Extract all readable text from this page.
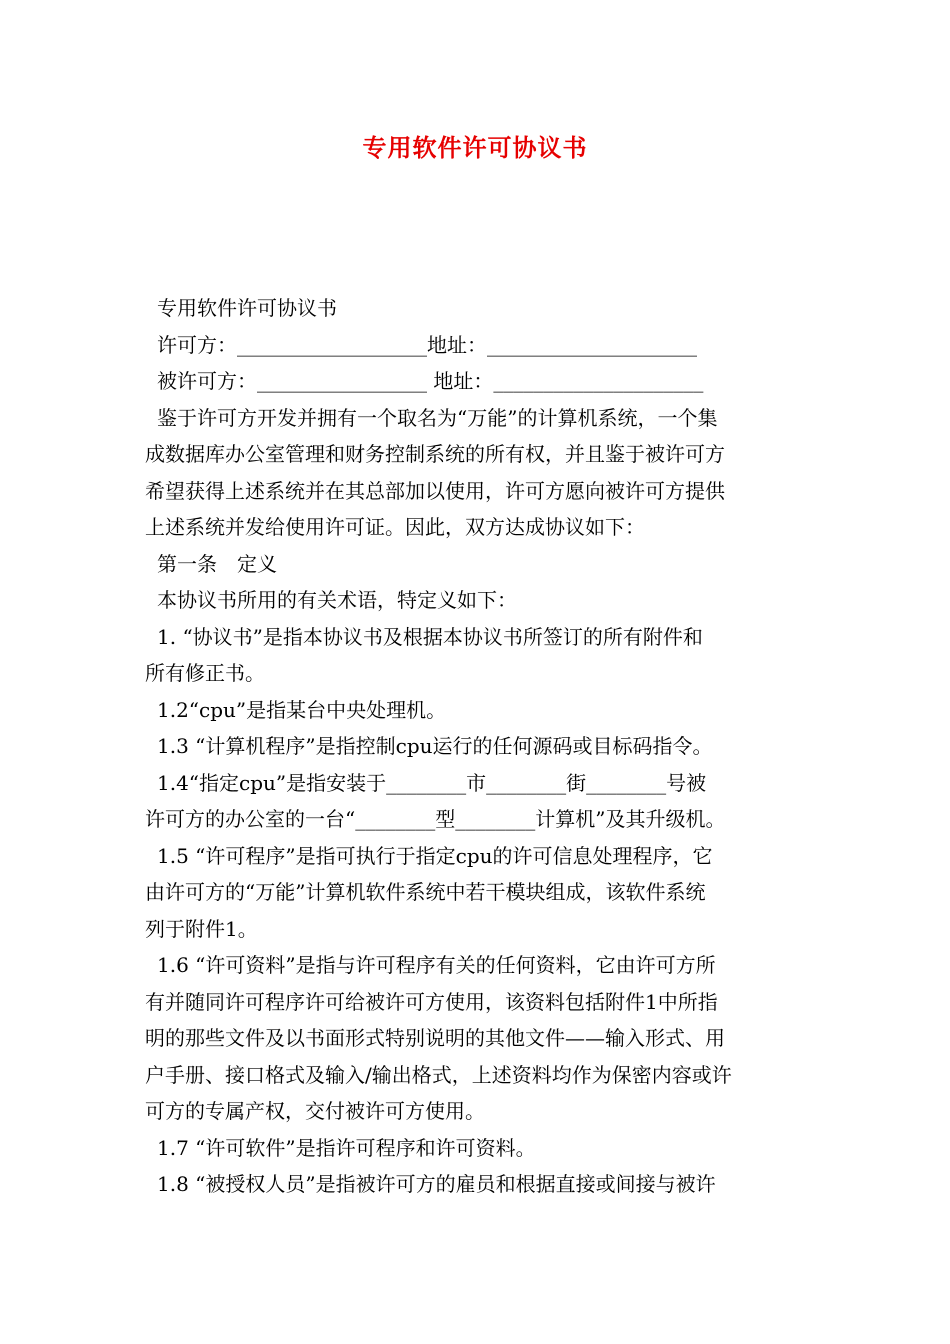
专用软件许可协议书
专用软件许可协议书
许可方：___________________地址：_____________________
被许可方：_________________ 地址：_____________________
鉴于许可方开发并拥有一个取名为“万能”的计算机系统，一个集
成数据库办公室管理和财务控制系统的所有权，并且鉴于被许可方
希望获得上述系统并在其总部加以使用，许可方愿向被许可方提供
上述系统并发给使用许可证。因此，双方达成协议如下：
第一条　定义
本协议书所用的有关术语，特定义如下：
1. “协议书”是指本协议书及根据本协议书所签订的所有附件和
所有修正书。
1.2“cpu”是指某台中央处理机。
1.3 “计算机程序”是指控制cpu运行的任何源码或目标码指令。
1.4“指定cpu”是指安装于________市________街________号被
许可方的办公室的一台“________型________计算机”及其升级机。
1.5 “许可程序”是指可执行于指定cpu的许可信息处理程序，它
由许可方的“万能”计算机软件系统中若干模块组成，该软件系统
列于附件1。
1.6 “许可资料”是指与许可程序有关的任何资料，它由许可方所
有并随同许可程序许可给被许可方使用，该资料包括附件1中所指
明的那些文件及以书面形式特别说明的其他文件——输入形式、用
户手册、接口格式及输入/输出格式，上述资料均作为保密内容或许
可方的专属产权，交付被许可方使用。
1.7 “许可软件”是指许可程序和许可资料。
1.8 “被授权人员”是指被许可方的雇员和根据直接或间接与被许
